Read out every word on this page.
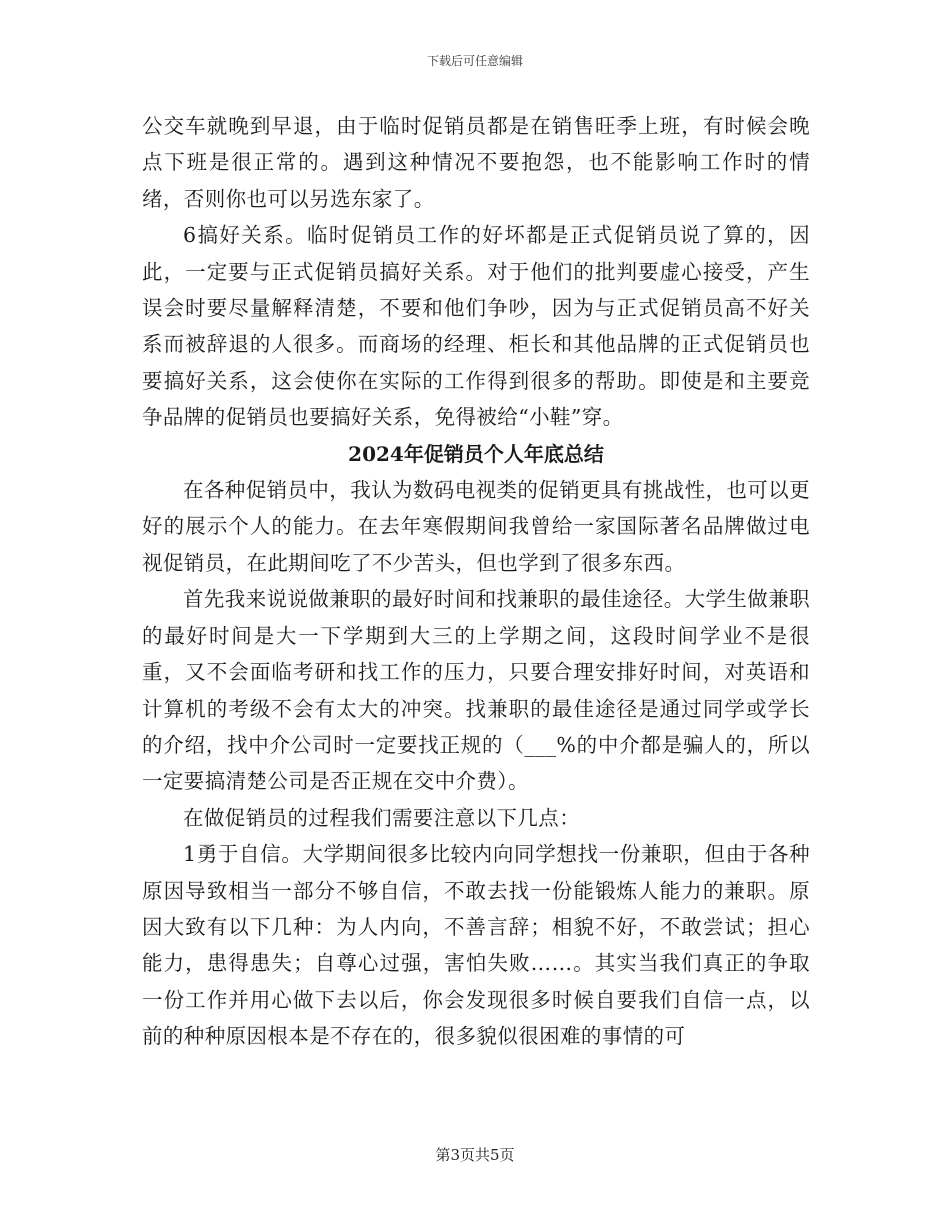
下载后可任意编辑

公交车就晚到早退，由于临时促销员都是在销售旺季上班，有时候会晚点下班是很正常的。遇到这种情况不要抱怨，也不能影响工作时的情绪，否则你也可以另选东家了。

6搞好关系。临时促销员工作的好坏都是正式促销员说了算的，因此，一定要与正式促销员搞好关系。对于他们的批判要虚心接受，产生误会时要尽量解释清楚，不要和他们争吵，因为与正式促销员高不好关系而被辞退的人很多。而商场的经理、柜长和其他品牌的正式促销员也要搞好关系，这会使你在实际的工作得到很多的帮助。即使是和主要竞争品牌的促销员也要搞好关系，免得被给“小鞋”穿。

2024年促销员个人年底总结

在各种促销员中，我认为数码电视类的促销更具有挑战性，也可以更好的展示个人的能力。在去年寒假期间我曾给一家国际著名品牌做过电视促销员，在此期间吃了不少苦头，但也学到了很多东西。

首先我来说说做兼职的最好时间和找兼职的最佳途径。大学生做兼职的最好时间是大一下学期到大三的上学期之间，这段时间学业不是很重，又不会面临考研和找工作的压力，只要合理安排好时间，对英语和计算机的考级不会有太大的冲突。找兼职的最佳途径是通过同学或学长的介绍，找中介公司时一定要找正规的（___%的中介都是骗人的，所以一定要搞清楚公司是否正规在交中介费）。

在做促销员的过程我们需要注意以下几点：

1勇于自信。大学期间很多比较内向同学想找一份兼职，但由于各种原因导致相当一部分不够自信，不敢去找一份能锻炼人能力的兼职。原因大致有以下几种：为人内向，不善言辞；相貌不好，不敢尝试；担心能力，患得患失；自尊心过强，害怕失败……。其实当我们真正的争取一份工作并用心做下去以后，你会发现很多时候自要我们自信一点，以前的种种原因根本是不存在的，很多貌似很困难的事情的可

第3页共5页
